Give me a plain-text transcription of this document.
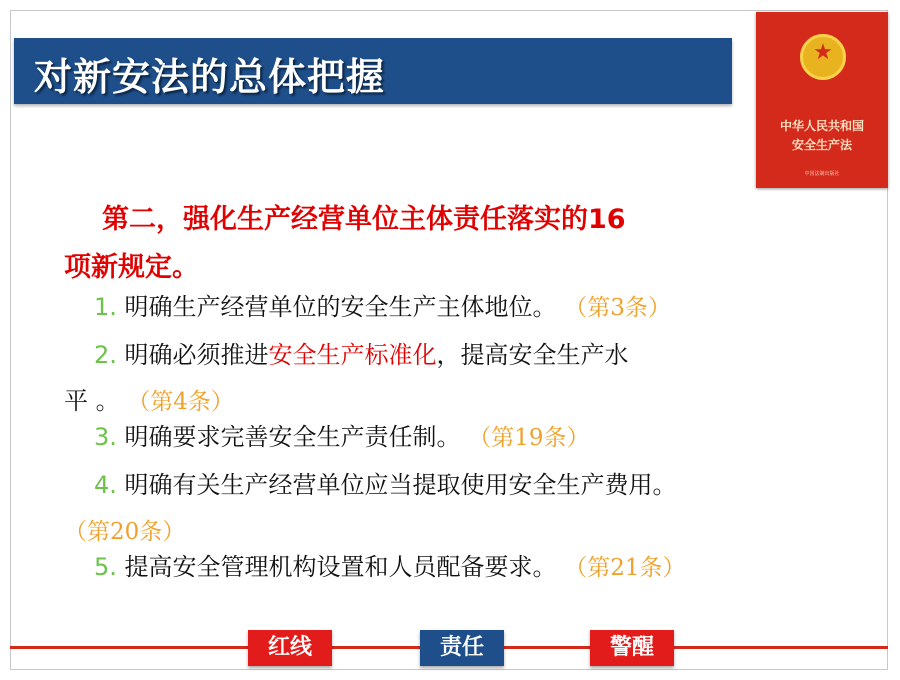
对新安法的总体把握
★
中华人民共和国
安全生产法
中国法制出版社
第二，强化生产经营单位主体责任落实的16
项新规定。
1. 明确生产经营单位的安全生产主体地位。 （第3条）
2. 明确必须推进安全生产标准化，提高安全生产水
平 。 （第4条）
3. 明确要求完善安全生产责任制。 （第19条）
4. 明确有关生产经营单位应当提取使用安全生产费用。
（第20条）
5. 提高安全管理机构设置和人员配备要求。 （第21条）
红线	责任	警醒
